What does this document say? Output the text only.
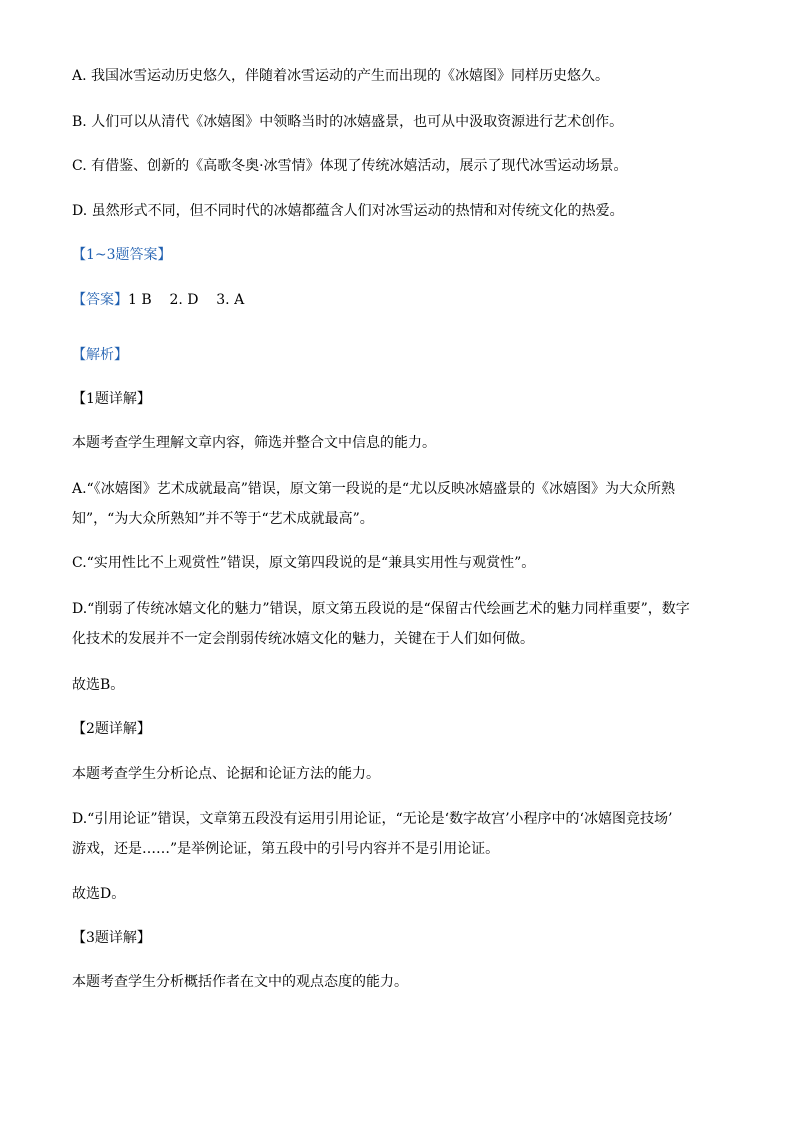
A. 我国冰雪运动历史悠久，伴随着冰雪运动的产生而出现的《冰嬉图》同样历史悠久。
B. 人们可以从清代《冰嬉图》中领略当时的冰嬉盛景，也可从中汲取资源进行艺术创作。
C. 有借鉴、创新的《高歌冬奥·冰雪情》体现了传统冰嬉活动，展示了现代冰雪运动场景。
D. 虽然形式不同，但不同时代的冰嬉都蕴含人们对冰雪运动的热情和对传统文化的热爱。
【1~3题答案】
【答案】1 B    2. D    3. A
【解析】
【1题详解】
本题考查学生理解文章内容，筛选并整合文中信息的能力。
A.“《冰嬉图》艺术成就最高”错误，原文第一段说的是“尤以反映冰嬉盛景的《冰嬉图》为大众所熟
知”，“为大众所熟知”并不等于“艺术成就最高”。
C.“实用性比不上观赏性”错误，原文第四段说的是“兼具实用性与观赏性”。
D.“削弱了传统冰嬉文化的魅力”错误，原文第五段说的是“保留古代绘画艺术的魅力同样重要”，数字
化技术的发展并不一定会削弱传统冰嬉文化的魅力，关键在于人们如何做。
故选B。
【2题详解】
本题考查学生分析论点、论据和论证方法的能力。
D.“引用论证”错误，文章第五段没有运用引用论证，“无论是‘数字故宫’小程序中的‘冰嬉图竞技场’
游戏，还是……”是举例论证，第五段中的引号内容并不是引用论证。
故选D。
【3题详解】
本题考查学生分析概括作者在文中的观点态度的能力。
